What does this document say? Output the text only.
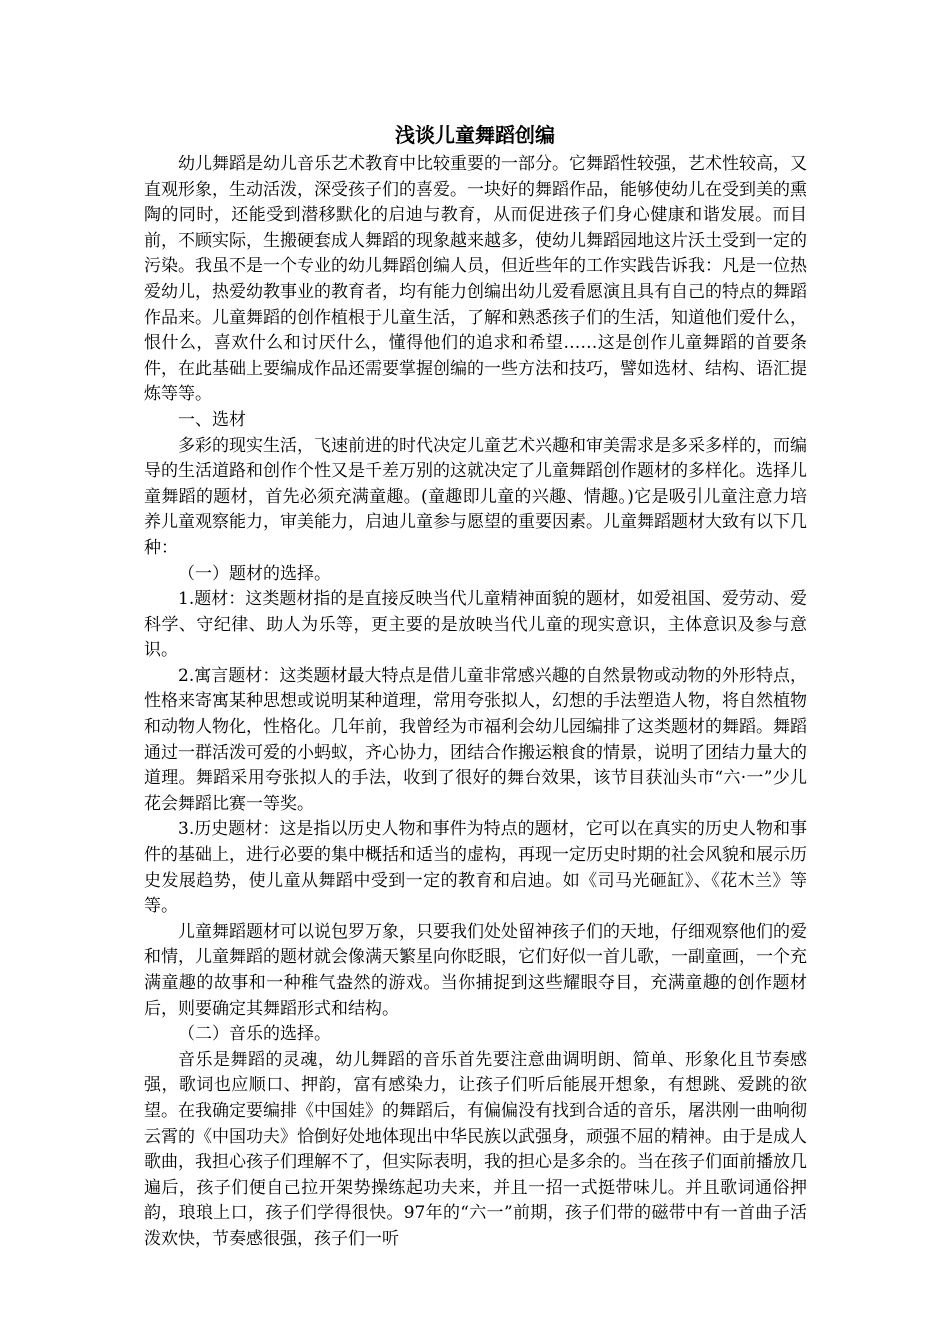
浅谈儿童舞蹈创编

幼儿舞蹈是幼儿音乐艺术教育中比较重要的一部分。它舞蹈性较强，艺术性较高，又直观形象，生动活泼，深受孩子们的喜爱。一块好的舞蹈作品，能够使幼儿在受到美的熏陶的同时，还能受到潜移默化的启迪与教育，从而促进孩子们身心健康和谐发展。而目前，不顾实际，生搬硬套成人舞蹈的现象越来越多，使幼儿舞蹈园地这片沃土受到一定的污染。我虽不是一个专业的幼儿舞蹈创编人员，但近些年的工作实践告诉我：凡是一位热爱幼儿，热爱幼教事业的教育者，均有能力创编出幼儿爱看愿演且具有自己的特点的舞蹈作品来。儿童舞蹈的创作植根于儿童生活，了解和熟悉孩子们的生活，知道他们爱什么，恨什么，喜欢什么和讨厌什么，懂得他们的追求和希望……这是创作儿童舞蹈的首要条件，在此基础上要编成作品还需要掌握创编的一些方法和技巧，譬如选材、结构、语汇提炼等等。

一、选材

多彩的现实生活，飞速前进的时代决定儿童艺术兴趣和审美需求是多采多样的，而编导的生活道路和创作个性又是千差万别的这就决定了儿童舞蹈创作题材的多样化。选择儿童舞蹈的题材，首先必须充满童趣。(童趣即儿童的兴趣、情趣。)它是吸引儿童注意力培养儿童观察能力，审美能力，启迪儿童参与愿望的重要因素。儿童舞蹈题材大致有以下几种：

（一）题材的选择。

1.题材：这类题材指的是直接反映当代儿童精神面貌的题材，如爱祖国、爱劳动、爱科学、守纪律、助人为乐等，更主要的是放映当代儿童的现实意识，主体意识及参与意识。

2.寓言题材：这类题材最大特点是借儿童非常感兴趣的自然景物或动物的外形特点，性格来寄寓某种思想或说明某种道理，常用夸张拟人，幻想的手法塑造人物，将自然植物和动物人物化，性格化。几年前，我曾经为市福利会幼儿园编排了这类题材的舞蹈。舞蹈通过一群活泼可爱的小蚂蚁，齐心协力，团结合作搬运粮食的情景，说明了团结力量大的道理。舞蹈采用夸张拟人的手法，收到了很好的舞台效果，该节目获汕头市“六·一”少儿花会舞蹈比赛一等奖。

3.历史题材：这是指以历史人物和事件为特点的题材，它可以在真实的历史人物和事件的基础上，进行必要的集中概括和适当的虚构，再现一定历史时期的社会风貌和展示历史发展趋势，使儿童从舞蹈中受到一定的教育和启迪。如《司马光砸缸》、《花木兰》等等。

儿童舞蹈题材可以说包罗万象，只要我们处处留神孩子们的天地，仔细观察他们的爱和情，儿童舞蹈的题材就会像满天繁星向你眨眼，它们好似一首儿歌，一副童画，一个充满童趣的故事和一种稚气盎然的游戏。当你捕捉到这些耀眼夺目，充满童趣的创作题材后，则要确定其舞蹈形式和结构。

（二）音乐的选择。

音乐是舞蹈的灵魂，幼儿舞蹈的音乐首先要注意曲调明朗、简单、形象化且节奏感强，歌词也应顺口、押韵，富有感染力，让孩子们听后能展开想象，有想跳、爱跳的欲望。在我确定要编排《中国娃》的舞蹈后，有偏偏没有找到合适的音乐，屠洪刚一曲响彻云霄的《中国功夫》恰倒好处地体现出中华民族以武强身，顽强不屈的精神。由于是成人歌曲，我担心孩子们理解不了，但实际表明，我的担心是多余的。当在孩子们面前播放几遍后，孩子们便自己拉开架势操练起功夫来，并且一招一式挺带味儿。并且歌词通俗押韵，琅琅上口，孩子们学得很快。97年的“六一”前期，孩子们带的磁带中有一首曲子活泼欢快，节奏感很强，孩子们一听
